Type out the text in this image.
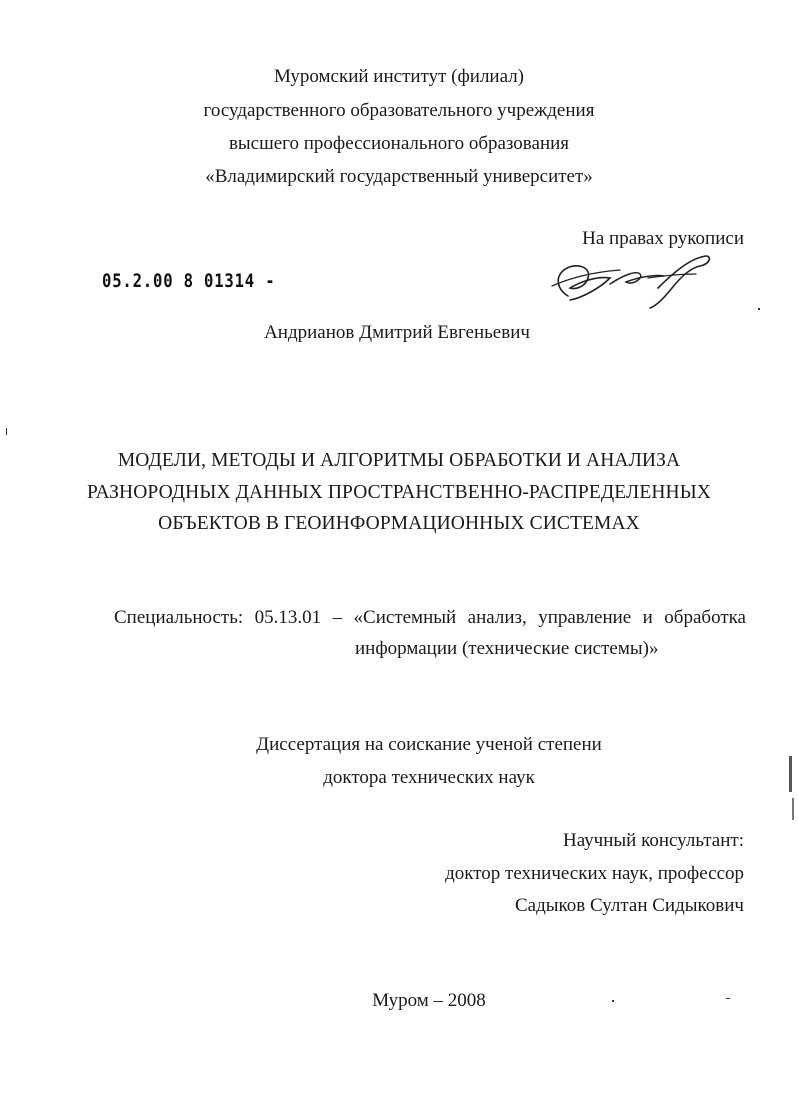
Муромский институт (филиал)
государственного образовательного учреждения
высшего профессионального образования
«Владимирский государственный университет»
На правах рукописи
05.2.00 8 01314 -
Андрианов Дмитрий Евгеньевич
МОДЕЛИ, МЕТОДЫ И АЛГОРИТМЫ ОБРАБОТКИ И АНАЛИЗА
РАЗНОРОДНЫХ ДАННЫХ ПРОСТРАНСТВЕННО-РАСПРЕДЕЛЕННЫХ
ОБЪЕКТОВ В ГЕОИНФОРМАЦИОННЫХ СИСТЕМАХ
Специальность: 05.13.01 – «Системный анализ, управление и обработка
информации (технические системы)»
Диссертация на соискание ученой степени
доктора технических наук
Научный консультант:
доктор технических наук, профессор
Садыков Султан Сидыкович
Муром – 2008
